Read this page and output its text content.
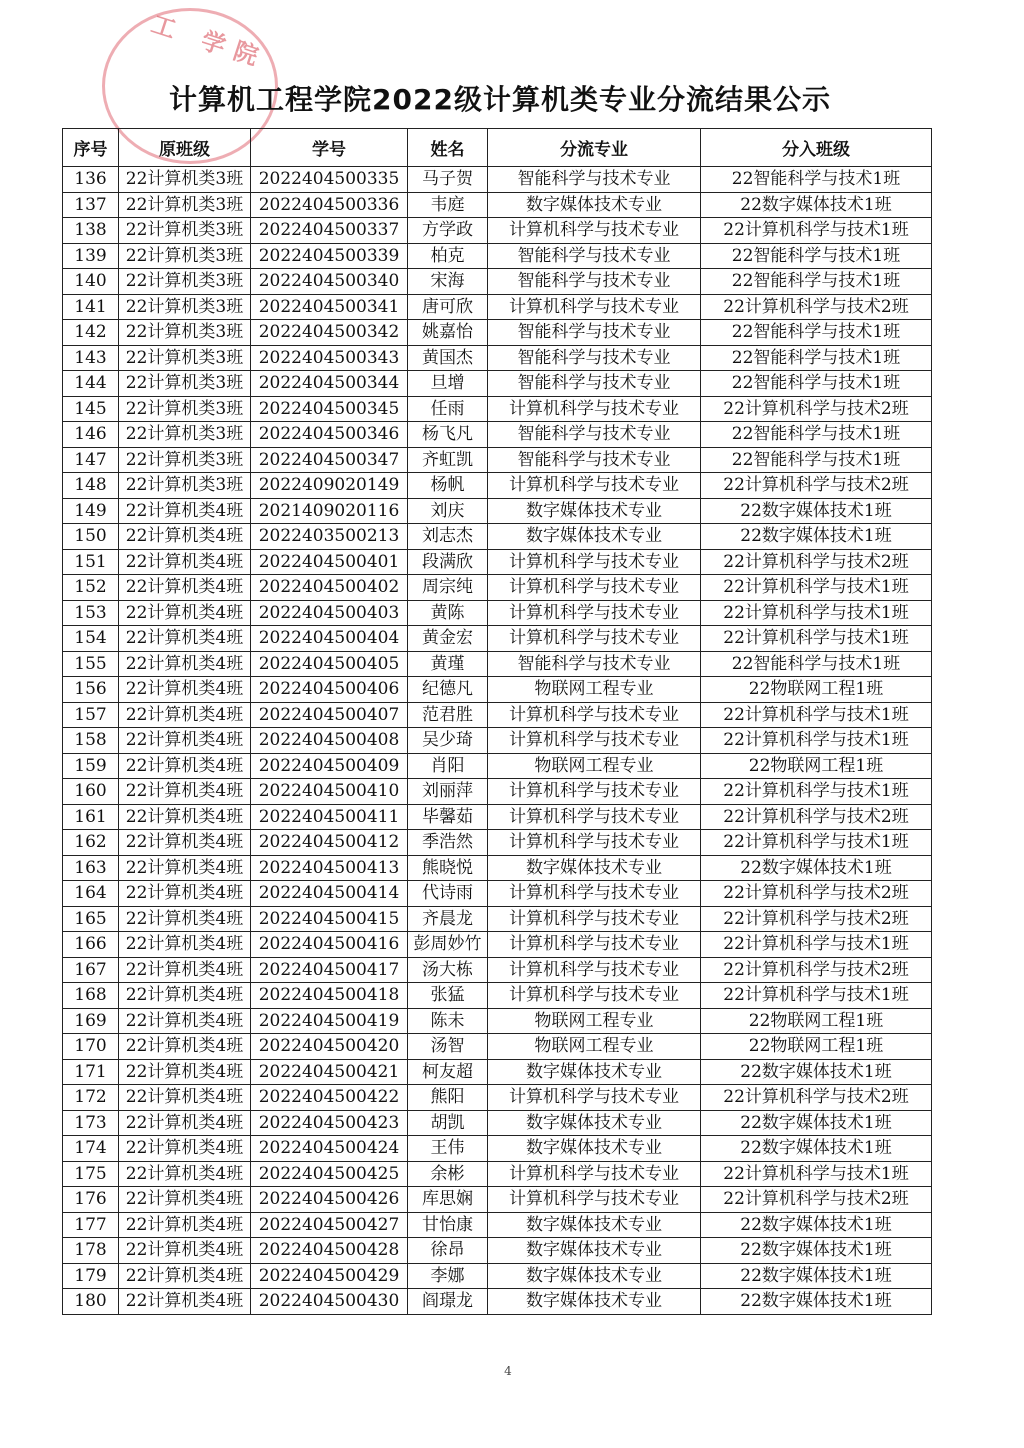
工 学院
计算机工程学院2022级计算机类专业分流结果公示
序号	原班级	学号	姓名	分流专业	分入班级
136	22计算机类3班	2022404500335	马子贺	智能科学与技术专业	22智能科学与技术1班
137	22计算机类3班	2022404500336	韦庭	数字媒体技术专业	22数字媒体技术1班
138	22计算机类3班	2022404500337	方学政	计算机科学与技术专业	22计算机科学与技术1班
139	22计算机类3班	2022404500339	柏克	智能科学与技术专业	22智能科学与技术1班
140	22计算机类3班	2022404500340	宋海	智能科学与技术专业	22智能科学与技术1班
141	22计算机类3班	2022404500341	唐可欣	计算机科学与技术专业	22计算机科学与技术2班
142	22计算机类3班	2022404500342	姚嘉怡	智能科学与技术专业	22智能科学与技术1班
143	22计算机类3班	2022404500343	黄国杰	智能科学与技术专业	22智能科学与技术1班
144	22计算机类3班	2022404500344	旦增	智能科学与技术专业	22智能科学与技术1班
145	22计算机类3班	2022404500345	任雨	计算机科学与技术专业	22计算机科学与技术2班
146	22计算机类3班	2022404500346	杨飞凡	智能科学与技术专业	22智能科学与技术1班
147	22计算机类3班	2022404500347	齐虹凯	智能科学与技术专业	22智能科学与技术1班
148	22计算机类3班	2022409020149	杨帆	计算机科学与技术专业	22计算机科学与技术2班
149	22计算机类4班	2021409020116	刘庆	数字媒体技术专业	22数字媒体技术1班
150	22计算机类4班	2022403500213	刘志杰	数字媒体技术专业	22数字媒体技术1班
151	22计算机类4班	2022404500401	段满欣	计算机科学与技术专业	22计算机科学与技术2班
152	22计算机类4班	2022404500402	周宗纯	计算机科学与技术专业	22计算机科学与技术1班
153	22计算机类4班	2022404500403	黄陈	计算机科学与技术专业	22计算机科学与技术1班
154	22计算机类4班	2022404500404	黄金宏	计算机科学与技术专业	22计算机科学与技术1班
155	22计算机类4班	2022404500405	黄瑾	智能科学与技术专业	22智能科学与技术1班
156	22计算机类4班	2022404500406	纪德凡	物联网工程专业	22物联网工程1班
157	22计算机类4班	2022404500407	范君胜	计算机科学与技术专业	22计算机科学与技术1班
158	22计算机类4班	2022404500408	吴少琦	计算机科学与技术专业	22计算机科学与技术1班
159	22计算机类4班	2022404500409	肖阳	物联网工程专业	22物联网工程1班
160	22计算机类4班	2022404500410	刘丽萍	计算机科学与技术专业	22计算机科学与技术1班
161	22计算机类4班	2022404500411	毕馨茹	计算机科学与技术专业	22计算机科学与技术2班
162	22计算机类4班	2022404500412	季浩然	计算机科学与技术专业	22计算机科学与技术1班
163	22计算机类4班	2022404500413	熊晓悦	数字媒体技术专业	22数字媒体技术1班
164	22计算机类4班	2022404500414	代诗雨	计算机科学与技术专业	22计算机科学与技术2班
165	22计算机类4班	2022404500415	齐晨龙	计算机科学与技术专业	22计算机科学与技术2班
166	22计算机类4班	2022404500416	彭周妙竹	计算机科学与技术专业	22计算机科学与技术1班
167	22计算机类4班	2022404500417	汤大栋	计算机科学与技术专业	22计算机科学与技术2班
168	22计算机类4班	2022404500418	张猛	计算机科学与技术专业	22计算机科学与技术1班
169	22计算机类4班	2022404500419	陈未	物联网工程专业	22物联网工程1班
170	22计算机类4班	2022404500420	汤智	物联网工程专业	22物联网工程1班
171	22计算机类4班	2022404500421	柯友超	数字媒体技术专业	22数字媒体技术1班
172	22计算机类4班	2022404500422	熊阳	计算机科学与技术专业	22计算机科学与技术2班
173	22计算机类4班	2022404500423	胡凯	数字媒体技术专业	22数字媒体技术1班
174	22计算机类4班	2022404500424	王伟	数字媒体技术专业	22数字媒体技术1班
175	22计算机类4班	2022404500425	余彬	计算机科学与技术专业	22计算机科学与技术1班
176	22计算机类4班	2022404500426	库思娴	计算机科学与技术专业	22计算机科学与技术2班
177	22计算机类4班	2022404500427	甘怡康	数字媒体技术专业	22数字媒体技术1班
178	22计算机类4班	2022404500428	徐昂	数字媒体技术专业	22数字媒体技术1班
179	22计算机类4班	2022404500429	李娜	数字媒体技术专业	22数字媒体技术1班
180	22计算机类4班	2022404500430	阎璟龙	数字媒体技术专业	22数字媒体技术1班
4
